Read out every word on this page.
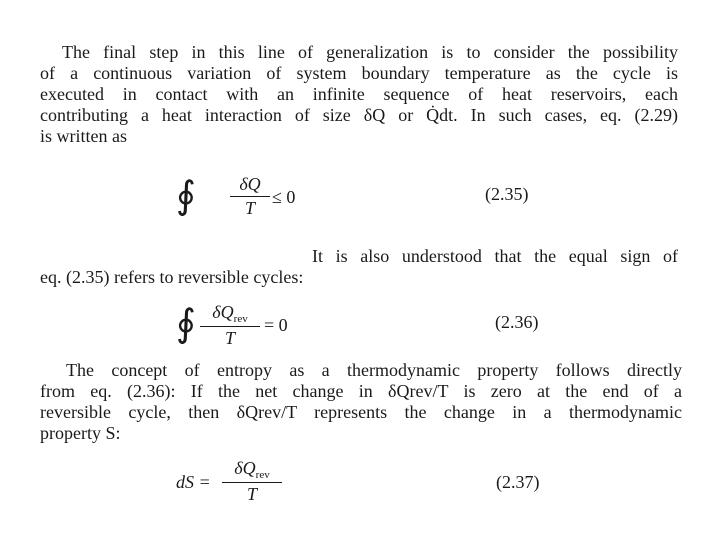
The final step in this line of generalization is to consider the possibility
of a continuous variation of system boundary temperature as the cycle is
executed in contact with an infinite sequence of heat reservoirs, each
contributing a heat interaction of size δQ or Q̇dt. In such cases, eq. (2.29)
is written as
∮	δQ
T
≤ 0	(2.35)
It is also understood that the equal sign of
eq. (2.35) refers to reversible cycles:
∮ $\delta Q_{rev}$
T
= 0	(2.36)
The concept of entropy as a thermodynamic property follows directly
from eq. (2.36): If the net change in δQrev/T is zero at the end of a
reversible cycle, then δQrev/T represents the change in a thermodynamic
property S:
dS =
$\delta Q_{rev}$
T
(2.37)
